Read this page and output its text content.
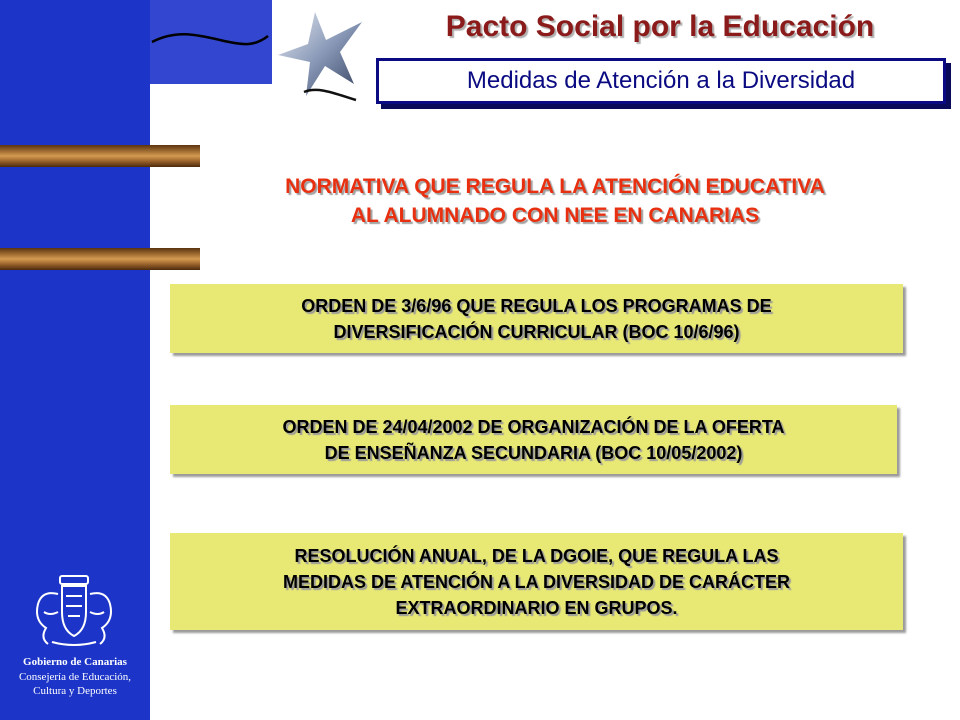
Pacto Social por la Educación
Medidas de Atención a la Diversidad
NORMATIVA QUE REGULA LA ATENCIÓN EDUCATIVA
AL ALUMNADO CON NEE EN CANARIAS
ORDEN DE 3/6/96 QUE REGULA LOS PROGRAMAS DE
DIVERSIFICACIÓN CURRICULAR (BOC 10/6/96)
ORDEN DE 24/04/2002 DE ORGANIZACIÓN DE LA OFERTA
DE ENSEÑANZA SECUNDARIA (BOC 10/05/2002)
RESOLUCIÓN ANUAL, DE LA DGOIE, QUE REGULA LAS
MEDIDAS DE ATENCIÓN A LA DIVERSIDAD DE CARÁCTER
EXTRAORDINARIO EN GRUPOS.
Gobierno de Canarias
Consejería de Educación,
Cultura y Deportes
